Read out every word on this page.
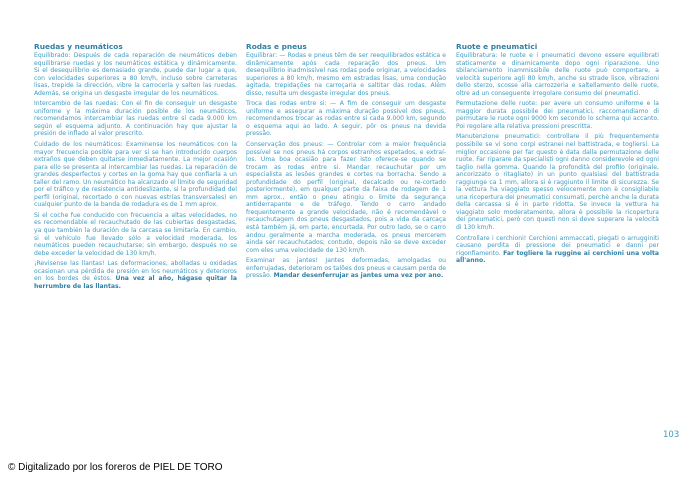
Ruedas y neumáticos

Equilibrado: Después de cada reparación de neumáticos deben equilibrarse ruedas y los neumáticos estática y dinámicamente. Si el desequilibrio es demasiado grande, puede dar lugar a que, con velocidades superiores a 80 km/h, incluso sobre carreteras lisas, trepide la dirección, vibre la carrocería y salten las ruedas. Además, se origina un desgaste irregular de los neumáticos.

Intercambio de las ruedas: Con el fin de conseguir un desgaste uniforme y la máxima duración posible de los neumáticos, recomendamos intercambiar las ruedas entre sí cada 9.000 km según el esquema adjunto. A continuación hay que ajustar la presión de inflado al valor prescrito.

Cuidado de los neumáticos: Examinense los neumáticos con la mayor frecuencia posible para ver si se han introducido cuerpos extraños que deben quitarse inmediatamente. La mejor ocasión para ello se presenta al intercambiar las ruedas. La reparación de grandes desperfectos y cortes en la goma hay que confiarla a un taller del ramo. Un neumático ha alcanzado el límite de seguridad por el tráfico y de resistencia antideslizante, si la profundidad del perfil (original, recortado o con nuevas estrías transversales) en cualquier punto de la banda de rodadura es de 1 mm aprox.

Si el coche fue conducido con frecuencia a altas velocidades, no es recomendable el recauchutado de las cubiertas desgastadas, ya que también la duración de la carcasa se limitaría. En cambio, si el vehículo fue llevado sólo a velocidad moderada, los neumáticos pueden recauchutarse; sin embargo, después no se debe exceder la velocidad de 130 km/h.

¡Revisense las llantas! Las deformaciones, abolladas u oxidadas ocasionan una pérdida de presión en los neumáticos y deterioros en los bordes de éstos. Una vez al año, hágase quitar la herrumbre de las llantas.

Rodas e pneus

Equilibrar: — Rodas e pneus têm de ser reequilibrados estática e dinâmicamente após cada reparação dos pneus. Um desequilíbrio inadmissível nas rodas pode originar, a velocidades superiores a 80 km/h, mesmo em estradas lisas, uma condução agitada, trepidações na carroçaria e saltitar das rodas. Além disso, resulta um desgaste irregular dos pneus.

Troca das rodas entre si: — A fim de conseguir um desgaste uniforme e assegurar a máxima duração possível dos pneus, recomendamos trocar as rodas entre si cada 9.000 km, segundo o esquema aqui ao lado. A seguir, pôr os pneus na devida pressão.

Conservação dos pneus: — Controlar com a maior frequência possível se nos pneus há corpos estranhos espetados, e extraí-los. Uma boa ocasião para fazer isto oferece-se quando se trocam as rodas entre si. Mandar recauchutar por um especialista as lesões grandes e cortes na borracha. Sendo a profundidade do perfil (original, decalcado ou re-cortado posteriormente), em qualquer parte da faixa de rodagem de 1 mm aprox., então o pneu atingiu o limite da segurança antiderrapante e de tráfego. Tendo o carro andado frequentemente a grande velocidade, não é recomendável o recauchutagem dos pneus desgastados, pois a vida da carcaça está também já, em parte, encurtada. Por outro lado, se o carro andou geralmente a marcha moderada, os pneus mercerem ainda ser recauchutados; contudo, depois não se deve exceder com eles uma velocidade de 130 km/h.

Examinar as jantes! Jantes deformadas, amolgadas ou enferrujadas, deterioram os talões dos pneus e causam perda de pressão. Mandar desenferrujar as jantes uma vez por ano.

Ruote e pneumatici

Equilibratura: le ruote e i pneumatici devono essere equilibrati staticamente e dinamicamente dopo ogni riparazione. Uno sbilanciamento inammissibile delle ruote può comportare, a velocità superiore agli 80 km/h, anche su strade lisce, vibrazioni dello sterzo, scosse alla carrozzeria e saltellamento delle ruote, oltre ad un conseguente irregolare consumo dei pneumatici.

Permutazione delle ruote: per avere un consumo uniforme e la maggior durata possibile dei pneumatici, raccomandiamo di permutare le ruote ogni 9000 km secondo lo schema qui accanto. Poi regolare alla relativa pressioni prescritta.

Manutenzione pneumatici: controllare il più frequentemente possibile se vi sono corpi estranei nel battistrada, e togliersi. La miglior occasione per far questo è data dalla permutazione delle ruote. Far riparare da specialisti ogni danno considerevole ed ogni taglio nella gomma. Quando la profondità del profilo (originale, ancorizzato o ritagliato) in un punto qualsiasi del battistrada raggiunge ca 1 mm, allora si è raggiunto il limite di sicurezza. Se la vettura ha viaggiato spesso velocemente non è consigliabile una ricopertura dei pneumatici consumati, perchè anche la durata della carcassa si è in parte ridotta. Se invece la vettura ha viaggiato solo moderatamente, allora è possibile la ricopertura dei pneumatici, però con questi non si deve superare la velocità di 130 km/h.

Controllare i cerchioni! Cerchioni ammaccati, piegati o arrugginiti causano perdita di pressione dei pneumatici e danni per rigonfiamento. Far togliere la ruggine ai cerchioni una volta all'anno.

103
© Digitalizado por los foreros de PIEL DE TORO
